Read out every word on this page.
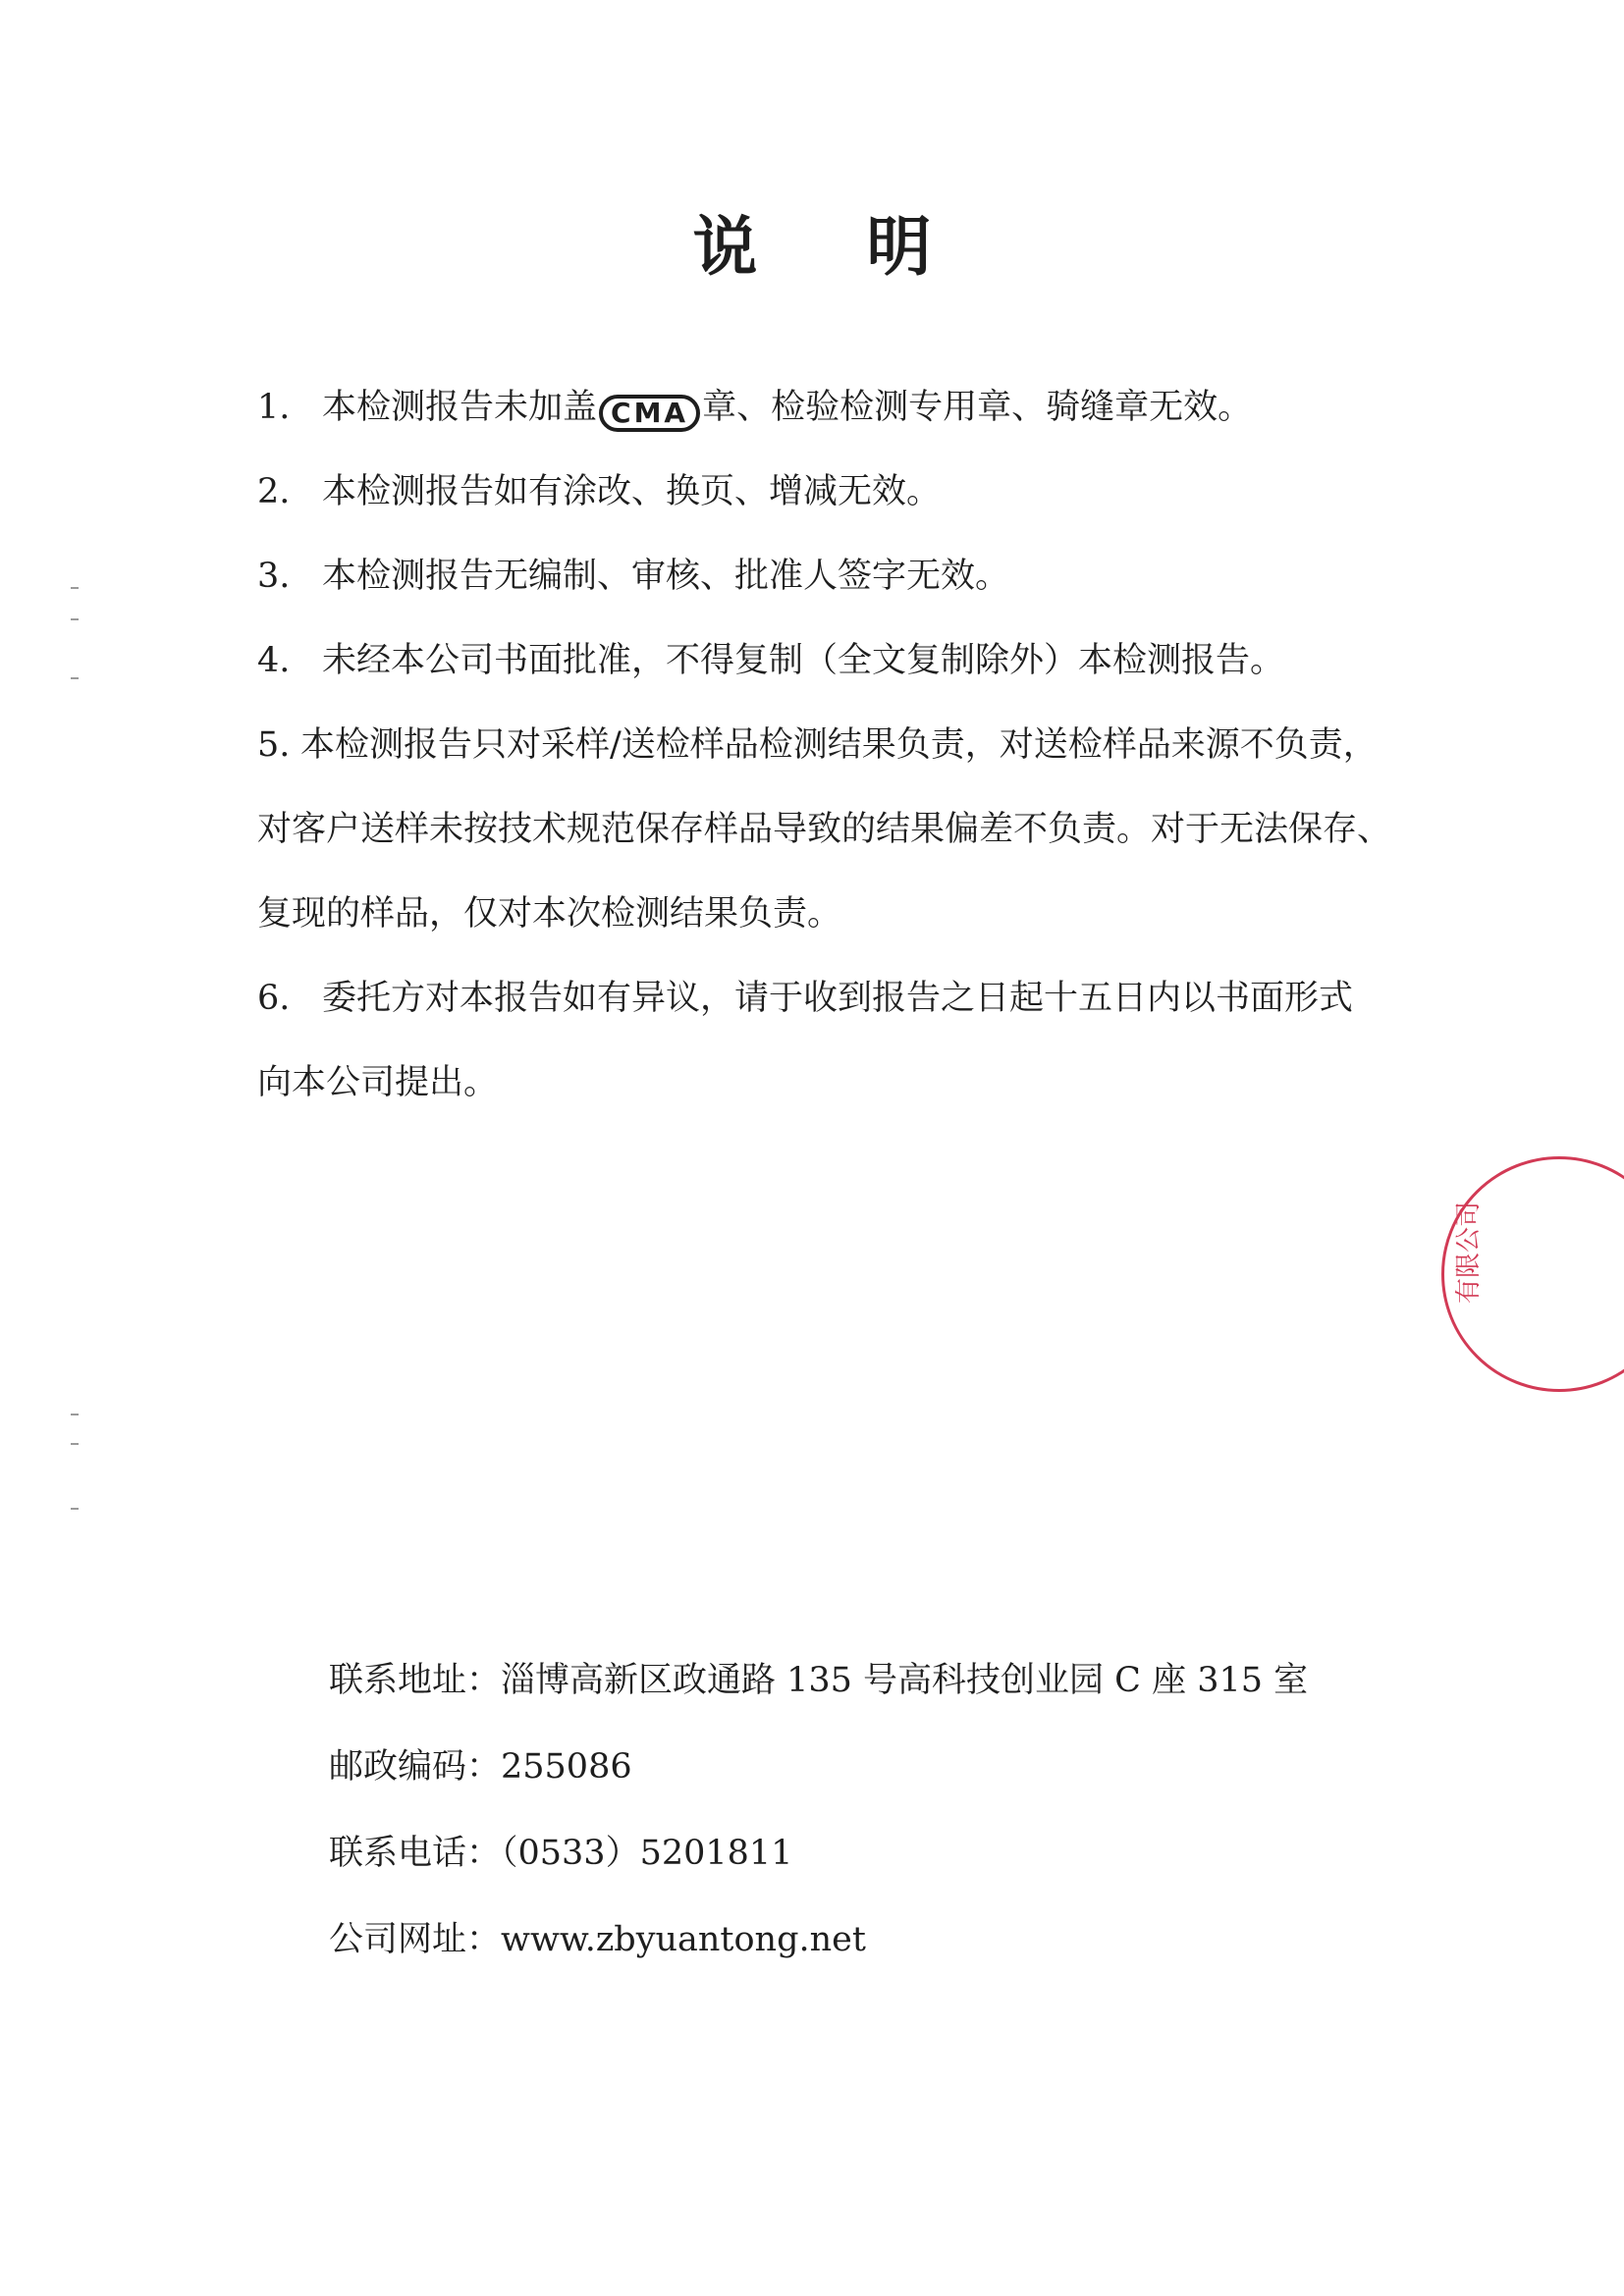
说 明

1. 本检测报告未加盖 CMA 章、检验检测专用章、骑缝章无效。

2. 本检测报告如有涂改、换页、增减无效。

3. 本检测报告无编制、审核、批准人签字无效。

4. 未经本公司书面批准，不得复制（全文复制除外）本检测报告。

5. 本检测报告只对采样/送检样品检测结果负责，对送检样品来源不负责，
对客户送样未按技术规范保存样品导致的结果偏差不负责。对于无法保存、
复现的样品，仅对本次检测结果负责。

6. 委托方对本报告如有异议，请于收到报告之日起十五日内以书面形式
向本公司提出。

联系地址：淄博高新区政通路 135 号高科技创业园 C 座 315 室

邮政编码：255086

联系电话：（0533）5201811

公司网址：www.zbyuantong.net

有限公司
